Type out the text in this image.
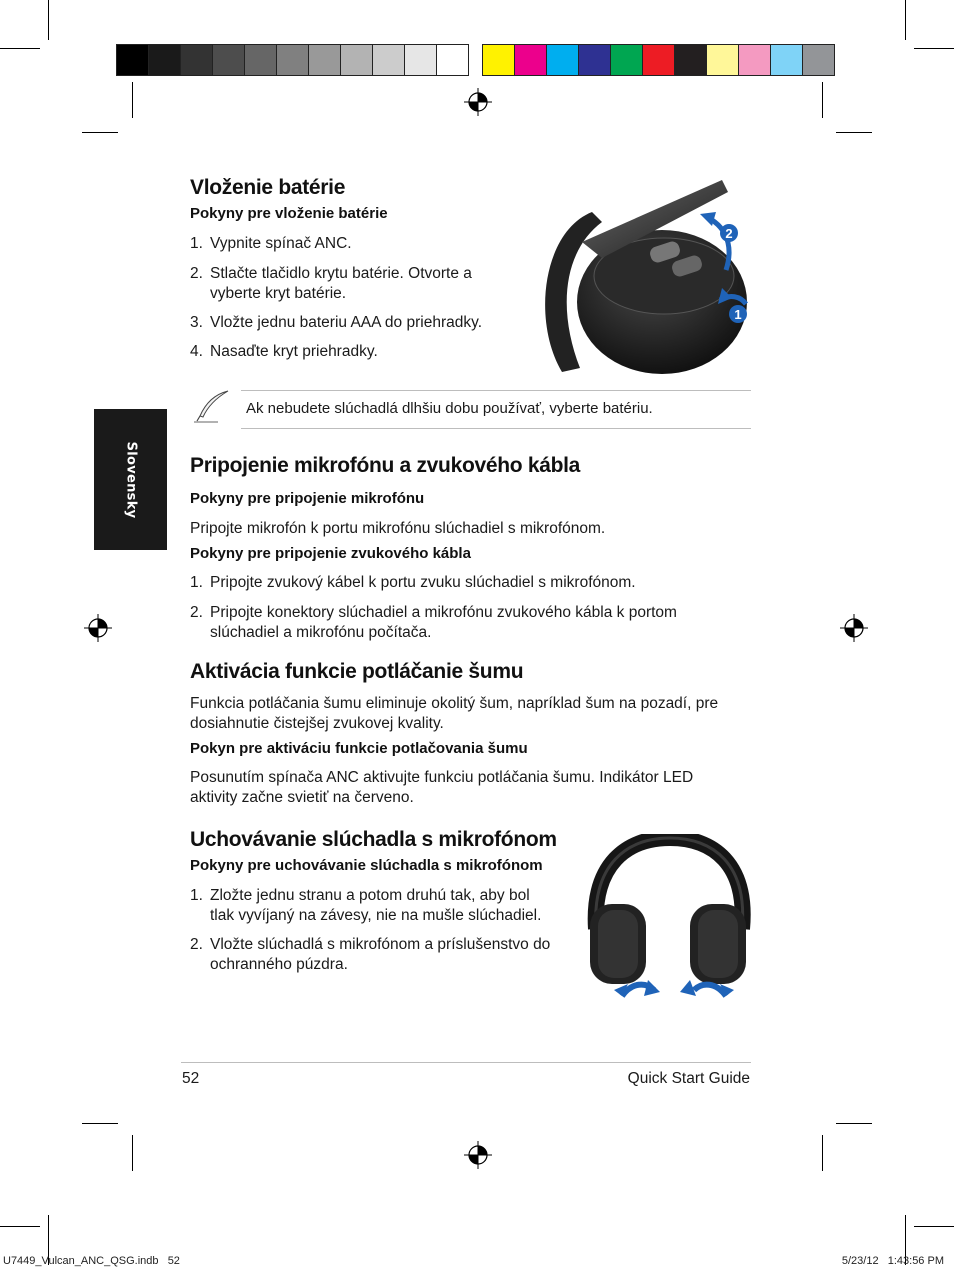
Slovensky
Vloženie batérie
Pokyny pre vloženie batérie
1. Vypnite spínač ANC.
2. Stlačte tlačidlo krytu batérie. Otvorte a
vyberte kryt batérie.
3. Vložte jednu bateriu AAA do priehradky.
4. Nasaďte kryt priehradky.
2
1
Ak nebudete slúchadlá dlhšiu dobu používať, vyberte batériu.
Pripojenie mikrofónu a zvukového kábla
Pokyny pre pripojenie mikrofónu
Pripojte mikrofón k portu mikrofónu slúchadiel s mikrofónom.
Pokyny pre pripojenie zvukového kábla
1. Pripojte zvukový kábel k portu zvuku slúchadiel s mikrofónom.
2. Pripojte konektory slúchadiel a mikrofónu zvukového kábla k portom
slúchadiel a mikrofónu počítača.
Aktivácia funkcie potláčanie šumu
Funkcia potláčania šumu eliminuje okolitý šum, napríklad šum na pozadí, pre
dosiahnutie čistejšej zvukovej kvality.
Pokyn pre aktiváciu funkcie potlačovania šumu
Posunutím spínača ANC aktivujte funkciu potláčania šumu. Indikátor LED
aktivity začne svietiť na červeno.
Uchovávanie slúchadla s mikrofónom
Pokyny pre uchovávanie slúchadla s mikrofónom
1. Zložte jednu stranu a potom druhú tak, aby bol
tlak vyvíjaný na závesy, nie na mušle slúchadiel.
2. Vložte slúchadlá s mikrofónom a príslušenstvo do
ochranného púzdra.
52	Quick Start Guide
U7449_Vulcan_ANC_QSG.indb   52	5/23/12   1:43:56 PM
